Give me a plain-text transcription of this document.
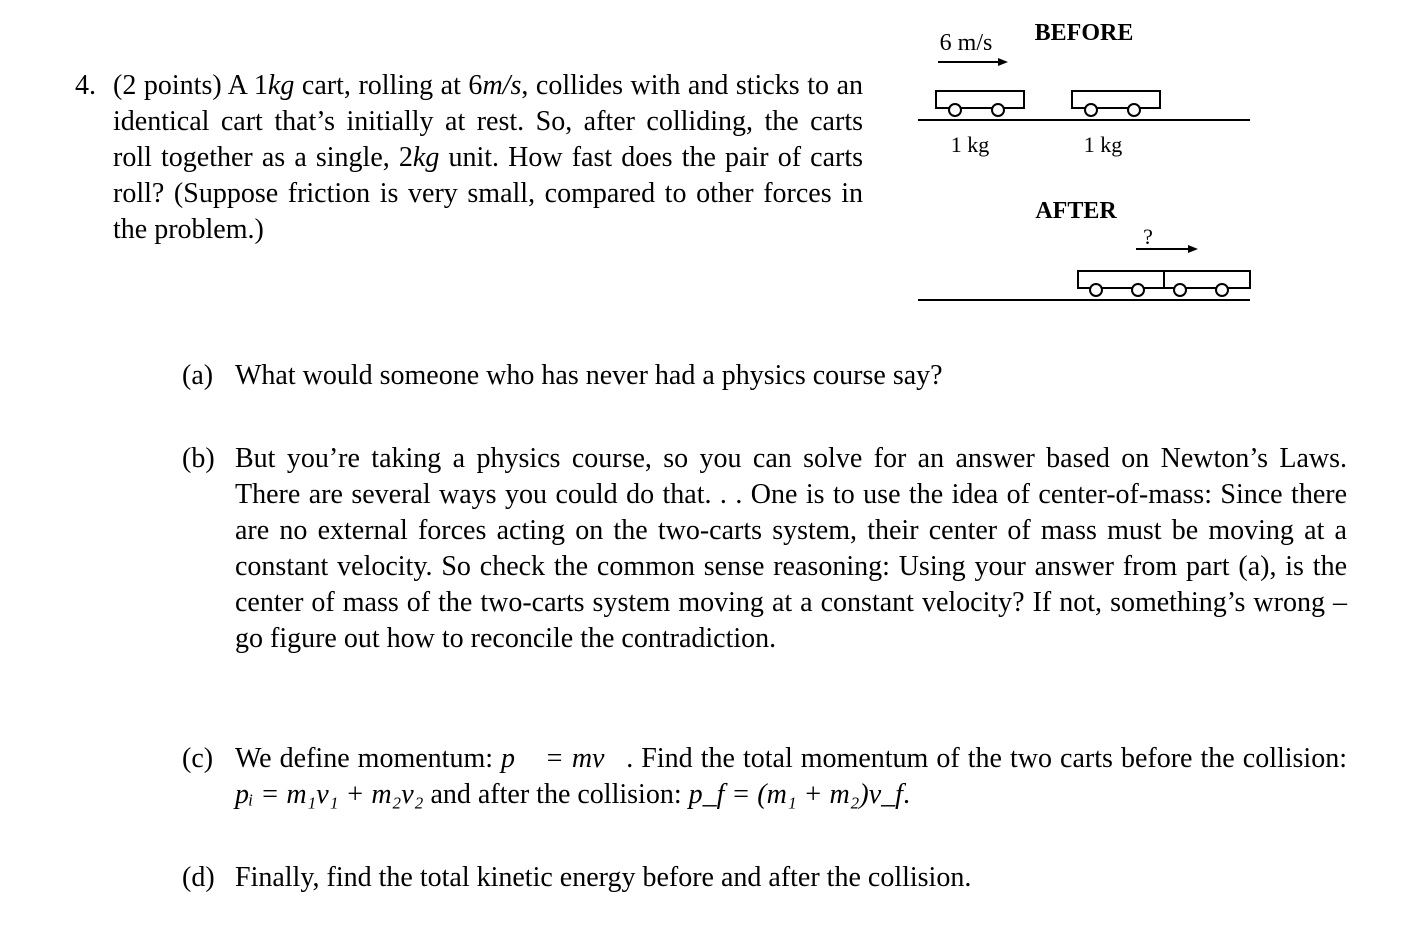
4. (2 points) A 1kg cart, rolling at 6m/s, collides with and sticks to an identical cart that’s initially at rest. So, after colliding, the carts roll together as a single, 2kg unit. How fast does the pair of carts roll? (Suppose friction is very small, compared to other forces in the problem.)
6 m/s BEFORE
1 kg	1 kg
AFTER
?
(a) What would someone who has never had a physics course say?
(b) But you’re taking a physics course, so you can solve for an answer based on Newton’s Laws. There are several ways you could do that. . . One is to use the idea of center-of-mass: Since there are no external forces acting on the two-carts system, their center of mass must be moving at a constant velocity. So check the common sense reasoning: Using your answer from part (a), is the center of mass of the two-carts system moving at a constant velocity? If not, something’s wrong – go figure out how to reconcile the contradiction.
(c) We define momentum: p⃗ = mv⃗. Find the total momentum of the two carts before the collision: pᵢ = m₁v₁ + m₂v₂ and after the collision: p_f = (m₁ + m₂)v_f.
(d) Finally, find the total kinetic energy before and after the collision.
